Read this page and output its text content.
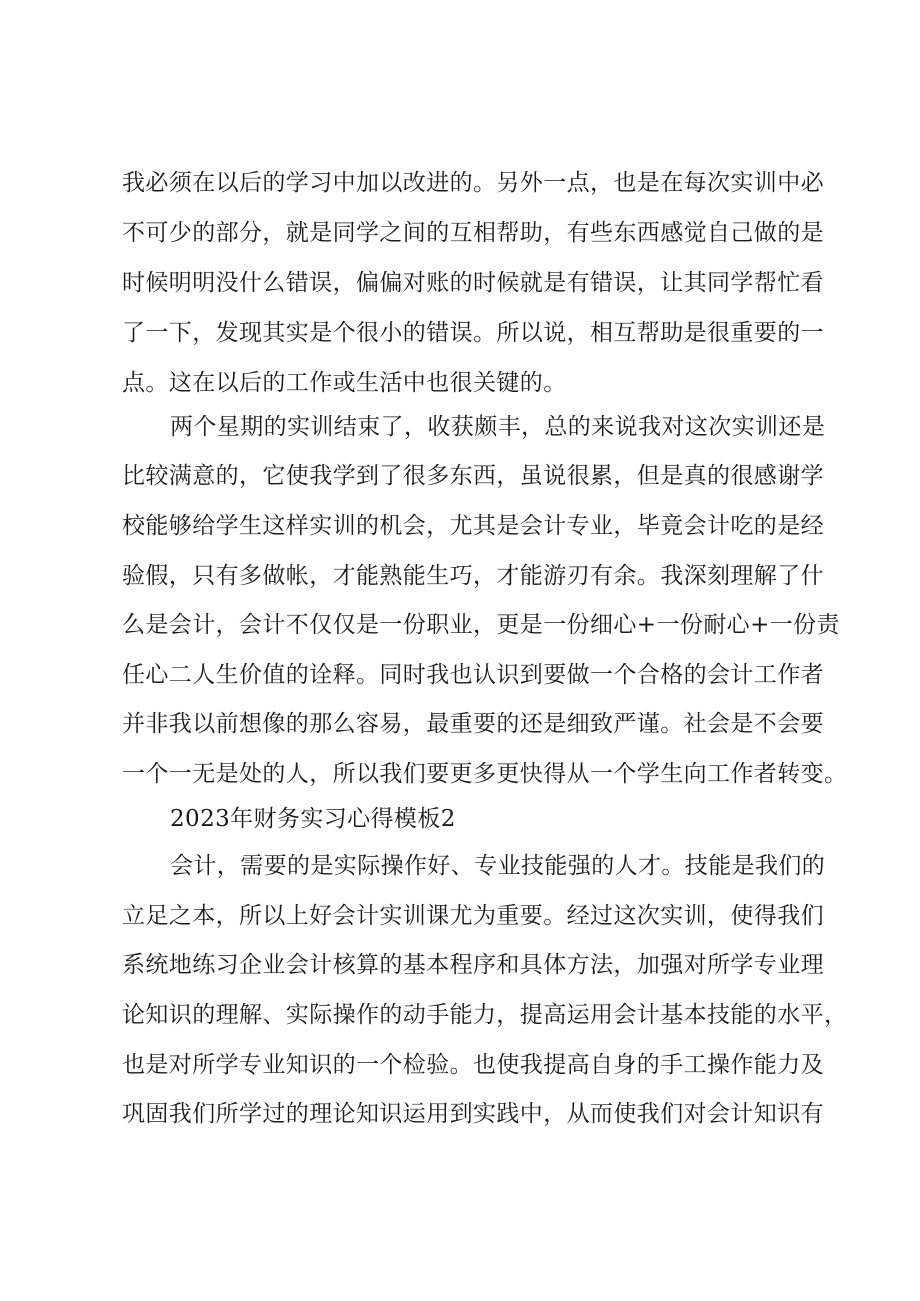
我必须在以后的学习中加以改进的。另外一点，也是在每次实训中必
不可少的部分，就是同学之间的互相帮助，有些东西感觉自己做的是
时候明明没什么错误，偏偏对账的时候就是有错误，让其同学帮忙看
了一下，发现其实是个很小的错误。所以说，相互帮助是很重要的一
点。这在以后的工作或生活中也很关键的。
两个星期的实训结束了，收获颇丰，总的来说我对这次实训还是
比较满意的，它使我学到了很多东西，虽说很累，但是真的很感谢学
校能够给学生这样实训的机会，尤其是会计专业，毕竟会计吃的是经
验假，只有多做帐，才能熟能生巧，才能游刃有余。我深刻理解了什
么是会计，会计不仅仅是一份职业，更是一份细心+一份耐心+一份责
任心二人生价值的诠释。同时我也认识到要做一个合格的会计工作者
并非我以前想像的那么容易，最重要的还是细致严谨。社会是不会要
一个一无是处的人，所以我们要更多更快得从一个学生向工作者转变。
2023年财务实习心得模板2
会计，需要的是实际操作好、专业技能强的人才。技能是我们的
立足之本，所以上好会计实训课尤为重要。经过这次实训，使得我们
系统地练习企业会计核算的基本程序和具体方法，加强对所学专业理
论知识的理解、实际操作的动手能力，提高运用会计基本技能的水平，
也是对所学专业知识的一个检验。也使我提高自身的手工操作能力及
巩固我们所学过的理论知识运用到实践中，从而使我们对会计知识有
